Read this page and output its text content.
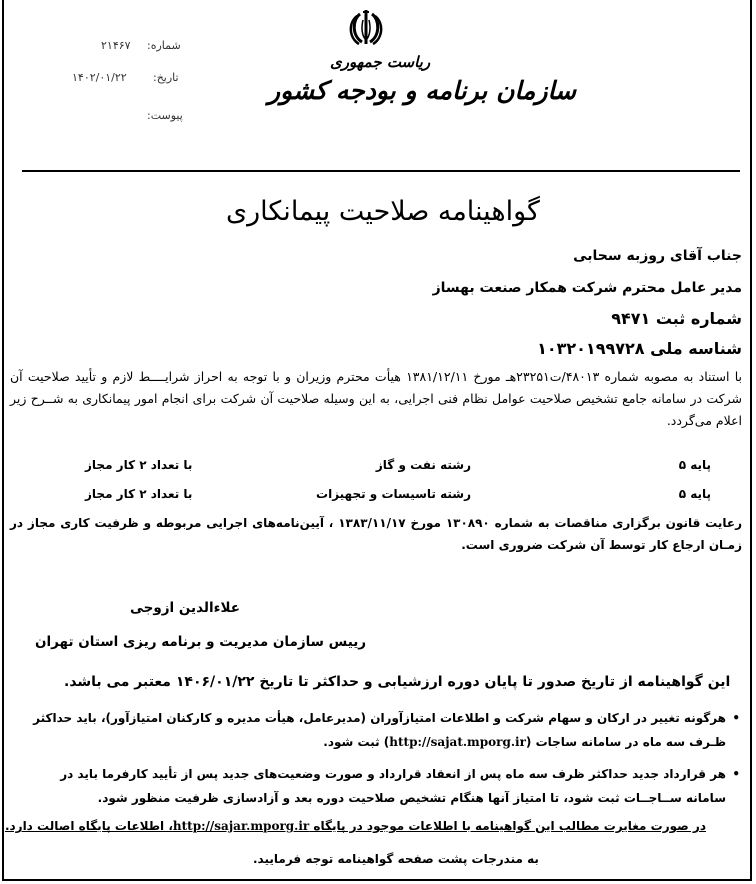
شماره:
۲۱۴۶۷
تاریخ:
۱۴۰۲/۰۱/۲۲
پیوست:
ریاست جمهوری
سازمان برنامه و بودجه کشور
گواهینامه صلاحیت پیمانکاری
جناب آقای روزبه سحابی
مدیر عامل محترم شرکت همکار صنعت بهساز
شماره ثبت ۹۴۷۱
شناسه ملی ۱۰۳۲۰۱۹۹۷۲۸
با استناد به مصوبه شماره ۴۸۰۱۳/ت۲۳۲۵۱هـ مورخ ۱۳۸۱/۱۲/۱۱ هیأت محترم وزیران و با توجه به احراز شرایــــط لازم و تأیید صلاحیت آن شرکت در سامانه جامع تشخیص صلاحیت عوامل نظام فنی اجرایی، به این وسیله صلاحیت آن شرکت برای انجام امور پیمانکاری به شــرح زیر اعلام می‌گردد.
پایه ۵
رشته نفت و گاز
با تعداد ۲ کار مجاز
پایه ۵
رشته تاسیسات و تجهیزات
با تعداد ۲ کار مجاز
رعایت قانون برگزاری مناقصات به شماره ۱۳۰۸۹۰ مورخ ۱۳۸۳/۱۱/۱۷ ، آیین‌نامه‌های اجرایی مربوطه و ظرفیت کاری مجاز در زمـان ارجاع کار توسط آن شرکت ضروری است.
علاءالدین ازوجی
رییس سازمان مدیریت و برنامه ریزی استان تهران
این گواهینامه از تاریخ صدور تا پایان دوره ارزشیابی و حداکثر تا تاریخ ۱۴۰۶/۰۱/۲۲ معتبر می باشد.
• هرگونه تغییر در ارکان و سهام شرکت و اطلاعات امتیازآوران (مدیرعامل، هیأت مدیره و کارکنان امتیازآور)، باید حداکثر ظـرف سه ماه در سامانه ساجات (http://sajat.mporg.ir) ثبت شود.
• هر قرارداد جدید حداکثر ظرف سه ماه پس از انعقاد قرارداد و صورت وضعیت‌های جدید پس از تأیید کارفرما باید در سامانه ســاجــات ثبت شود، تا امتیاز آنها هنگام تشخیص صلاحیت دوره بعد و آزادسازی ظرفیت منظور شود.
در صورت مغایرت مطالب این گواهینامه با اطلاعات موجود در پایگاه http://sajar.mporg.ir، اطلاعات پایگاه اصالت دارد.
به مندرجات پشت صفحه گواهینامه توجه فرمایید.
